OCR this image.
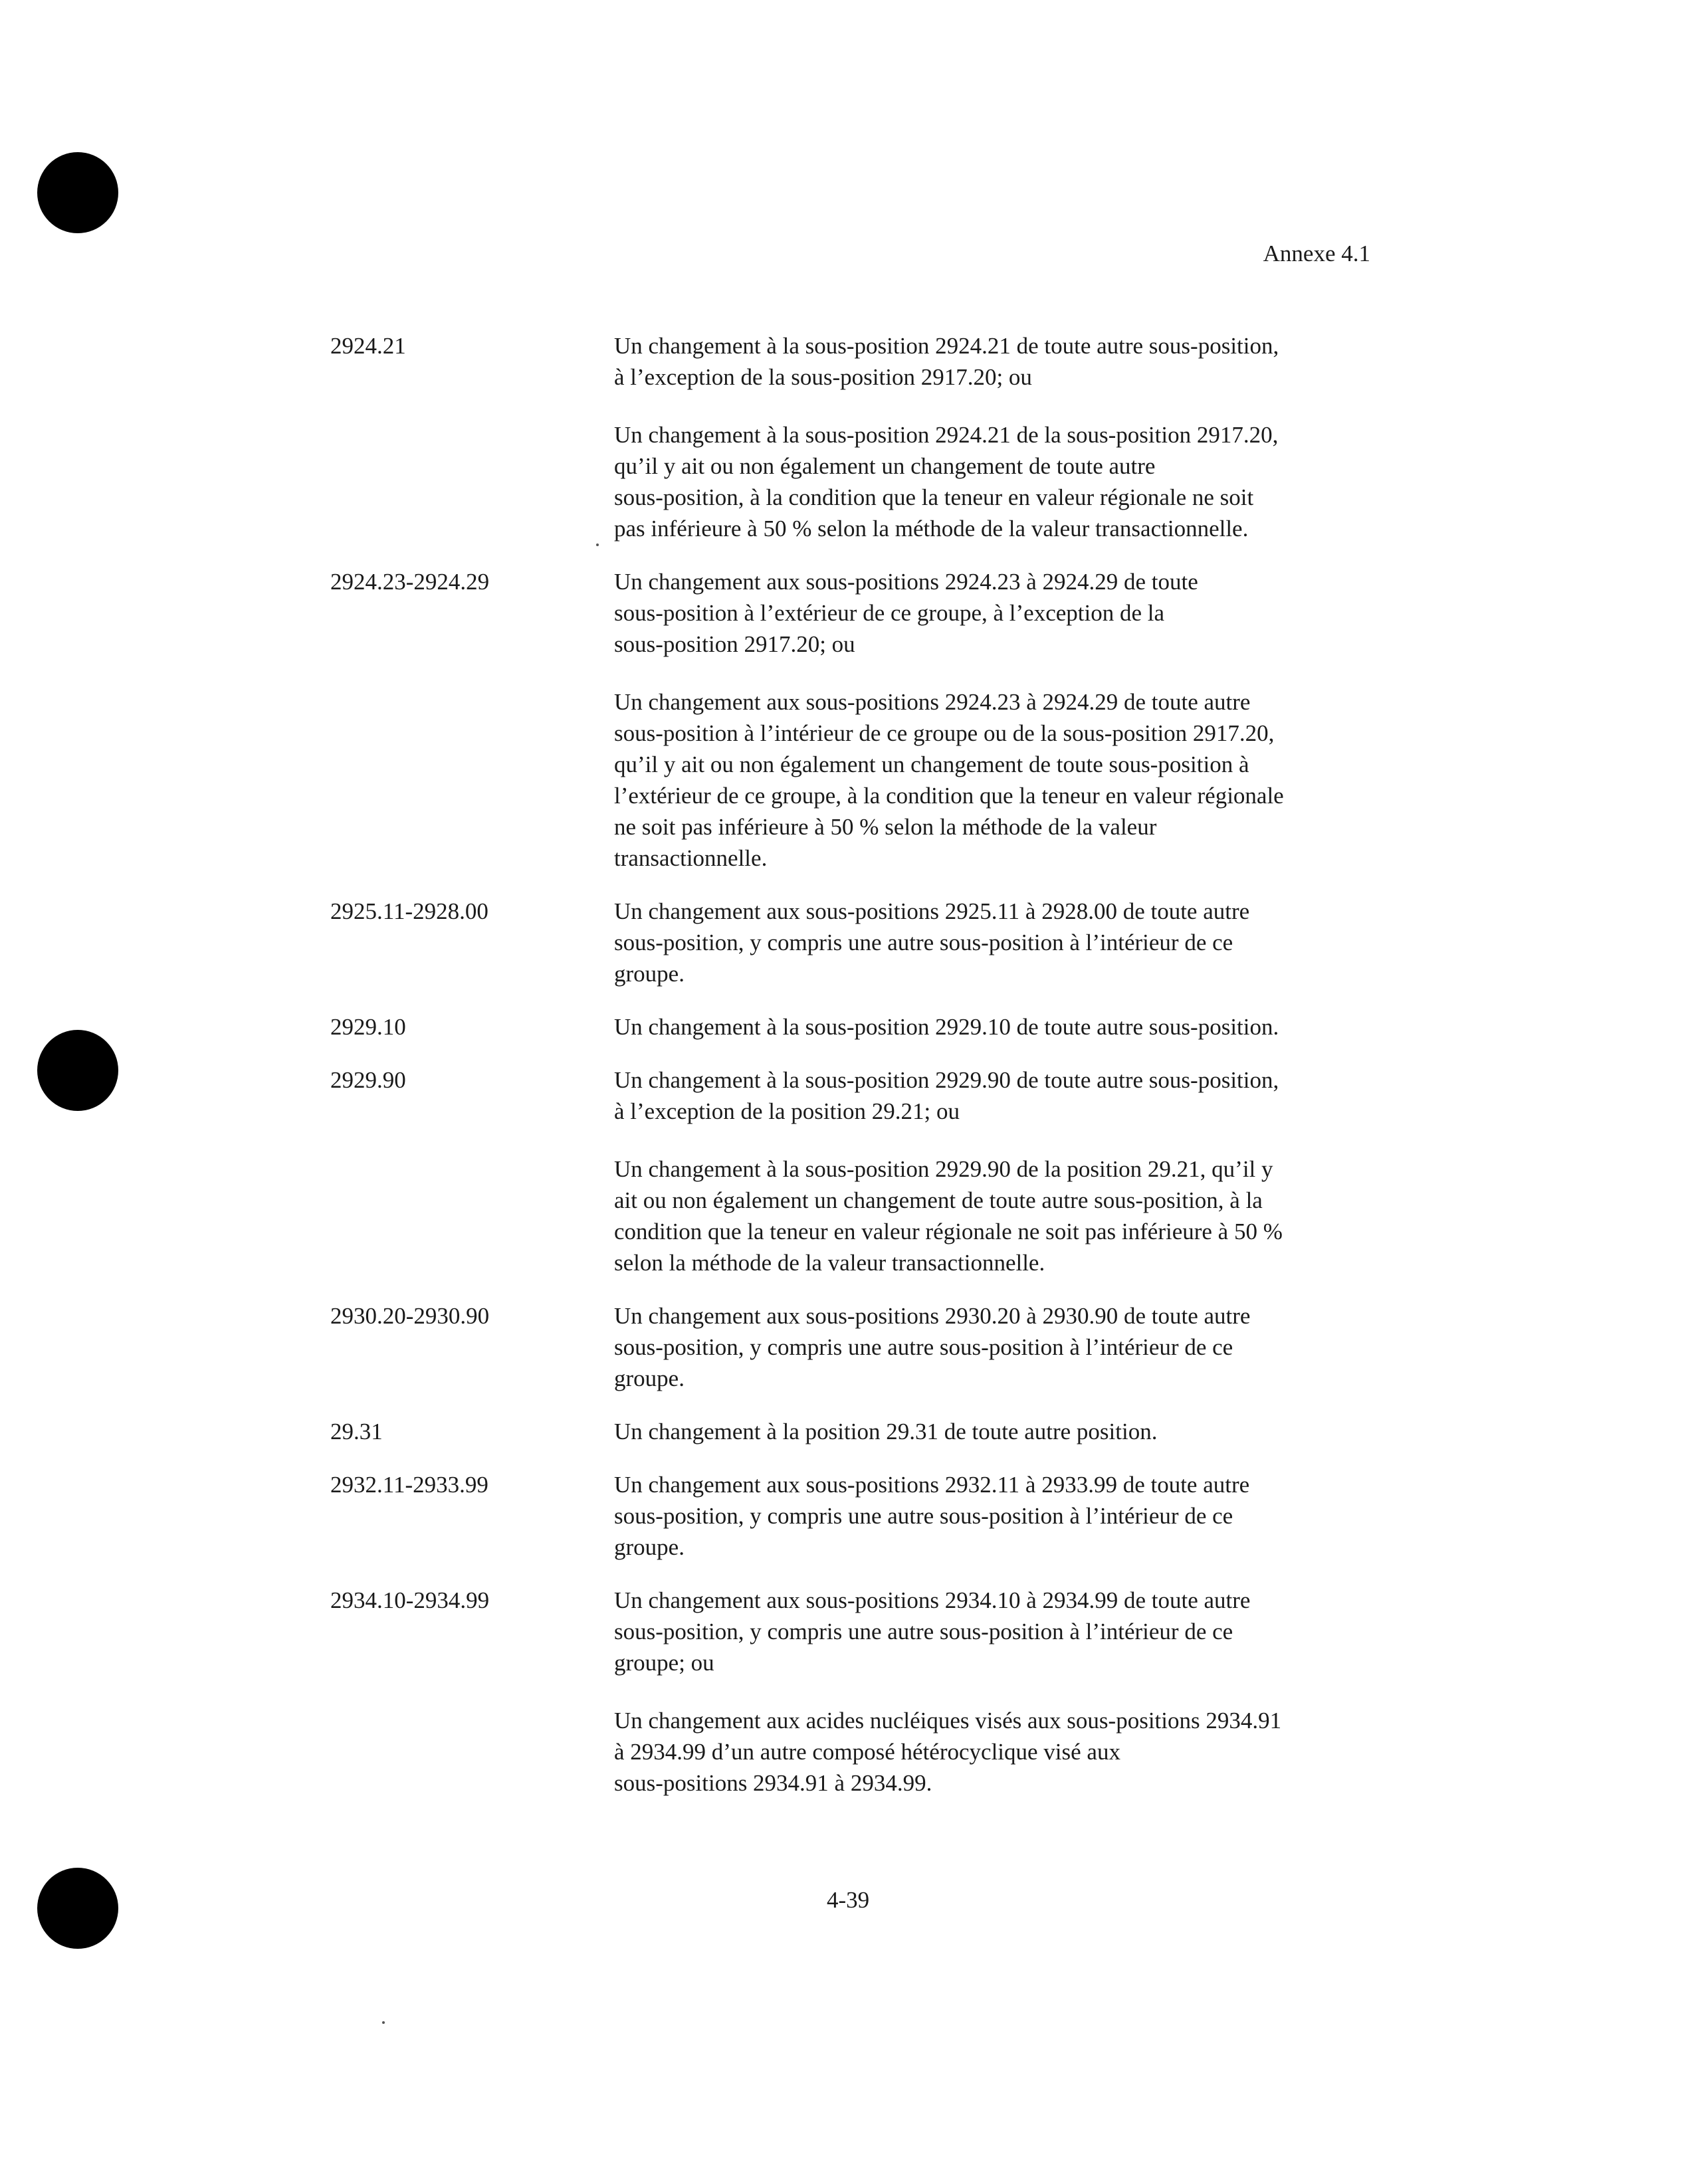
Annexe 4.1
2924.21	Un changement à la sous-position 2924.21 de toute autre sous-position,
à l’exception de la sous-position 2917.20; ou

Un changement à la sous-position 2924.21 de la sous-position 2917.20,
qu’il y ait ou non également un changement de toute autre
sous-position, à la condition que la teneur en valeur régionale ne soit
pas inférieure à 50 % selon la méthode de la valeur transactionnelle.

2924.23-2924.29	Un changement aux sous-positions 2924.23 à 2924.29 de toute
sous-position à l’extérieur de ce groupe, à l’exception de la
sous-position 2917.20; ou

Un changement aux sous-positions 2924.23 à 2924.29 de toute autre
sous-position à l’intérieur de ce groupe ou de la sous-position 2917.20,
qu’il y ait ou non également un changement de toute sous-position à
l’extérieur de ce groupe, à la condition que la teneur en valeur régionale
ne soit pas inférieure à 50 % selon la méthode de la valeur
transactionnelle.

2925.11-2928.00	Un changement aux sous-positions 2925.11 à 2928.00 de toute autre
sous-position, y compris une autre sous-position à l’intérieur de ce
groupe.

2929.10	Un changement à la sous-position 2929.10 de toute autre sous-position.

2929.90	Un changement à la sous-position 2929.90 de toute autre sous-position,
à l’exception de la position 29.21; ou

Un changement à la sous-position 2929.90 de la position 29.21, qu’il y
ait ou non également un changement de toute autre sous-position, à la
condition que la teneur en valeur régionale ne soit pas inférieure à 50 %
selon la méthode de la valeur transactionnelle.

2930.20-2930.90	Un changement aux sous-positions 2930.20 à 2930.90 de toute autre
sous-position, y compris une autre sous-position à l’intérieur de ce
groupe.

29.31	Un changement à la position 29.31 de toute autre position.

2932.11-2933.99	Un changement aux sous-positions 2932.11 à 2933.99 de toute autre
sous-position, y compris une autre sous-position à l’intérieur de ce
groupe.

2934.10-2934.99	Un changement aux sous-positions 2934.10 à 2934.99 de toute autre
sous-position, y compris une autre sous-position à l’intérieur de ce
groupe; ou

Un changement aux acides nucléiques visés aux sous-positions 2934.91
à 2934.99 d’un autre composé hétérocyclique visé aux
sous-positions 2934.91 à 2934.99.

4-39
